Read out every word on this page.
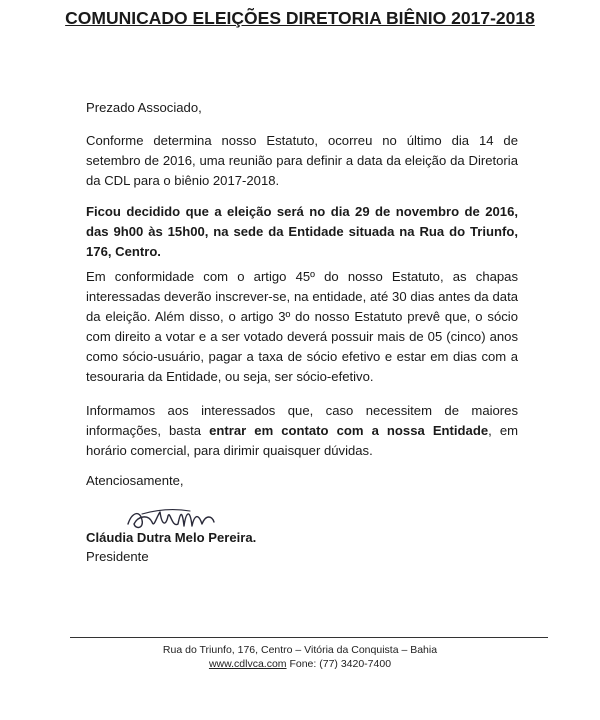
COMUNICADO ELEIÇÕES DIRETORIA BIÊNIO 2017-2018

Prezado Associado,

Conforme determina nosso Estatuto, ocorreu no último dia 14 de setembro de 2016, uma reunião para definir a data da eleição da Diretoria da CDL para o biênio 2017-2018.

Ficou decidido que a eleição será no dia 29 de novembro de 2016, das 9h00 às 15h00, na sede da Entidade situada na Rua do Triunfo, 176, Centro.

Em conformidade com o artigo 45º do nosso Estatuto, as chapas interessadas deverão inscrever-se, na entidade, até 30 dias antes da data da eleição. Além disso, o artigo 3º do nosso Estatuto prevê que, o sócio com direito a votar e a ser votado deverá possuir mais de 05 (cinco) anos como sócio-usuário, pagar a taxa de sócio efetivo e estar em dias com a tesouraria da Entidade, ou seja, ser sócio-efetivo.

Informamos aos interessados que, caso necessitem de maiores informações, basta entrar em contato com a nossa Entidade, em horário comercial, para dirimir quaisquer dúvidas.

Atenciosamente,

Cláudia Dutra Melo Pereira.
Presidente
Rua do Triunfo, 176, Centro – Vitória da Conquista – Bahia
www.cdlvca.com Fone: (77) 3420-7400
